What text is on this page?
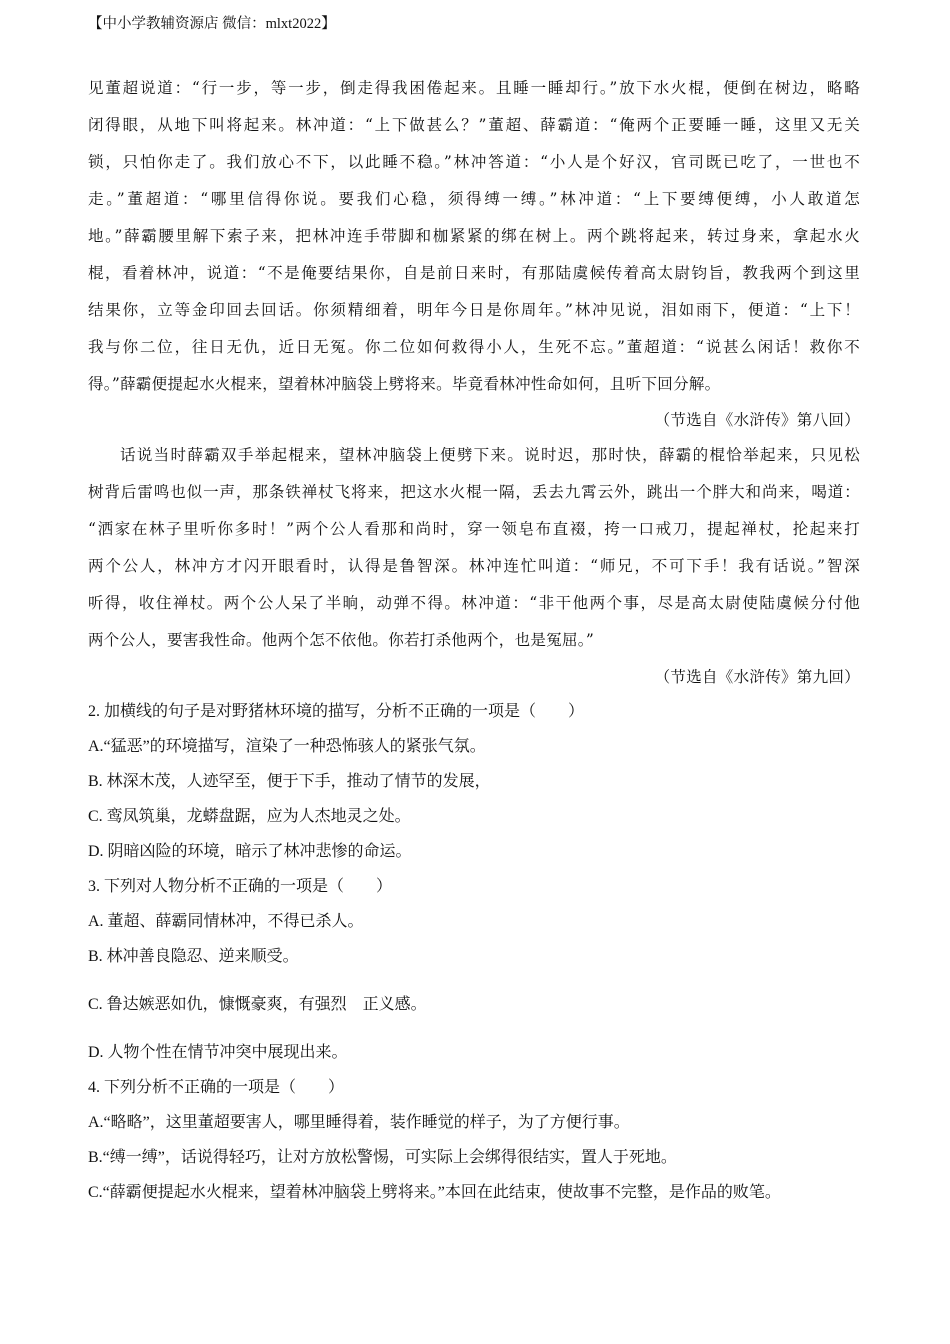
【中小学教辅资源店 微信：mlxt2022】
见董超说道：“行一步，等一步，倒走得我困倦起来。且睡一睡却行。”放下水火棍，便倒在树边，略略
闭得眼，从地下叫将起来。林冲道：“上下做甚么？”董超、薛霸道：“俺两个正要睡一睡，这里又无关
锁，只怕你走了。我们放心不下，以此睡不稳。”林冲答道：“小人是个好汉，官司既已吃了，一世也不
走。”董超道：“哪里信得你说。要我们心稳，须得缚一缚。”林冲道：“上下要缚便缚，小人敢道怎
地。”薛霸腰里解下索子来，把林冲连手带脚和枷紧紧的绑在树上。两个跳将起来，转过身来，拿起水火
棍，看着林冲，说道：“不是俺要结果你，自是前日来时，有那陆虞候传着高太尉钧旨，教我两个到这里
结果你，立等金印回去回话。你须精细着，明年今日是你周年。”林冲见说，泪如雨下，便道：“上下！
我与你二位，往日无仇，近日无冤。你二位如何救得小人，生死不忘。”董超道：“说甚么闲话！救你不
得。”薛霸便提起水火棍来，望着林冲脑袋上劈将来。毕竟看林冲性命如何，且听下回分解。
（节选自《水浒传》第八回）
话说当时薛霸双手举起棍来，望林冲脑袋上便劈下来。说时迟，那时快，薛霸的棍恰举起来，只见松
树背后雷鸣也似一声，那条铁禅杖飞将来，把这水火棍一隔，丢去九霄云外，跳出一个胖大和尚来，喝道：
“洒家在林子里听你多时！”两个公人看那和尚时，穿一领皂布直裰，挎一口戒刀，提起禅杖，抡起来打
两个公人，林冲方才闪开眼看时，认得是鲁智深。林冲连忙叫道：“师兄，不可下手！我有话说。”智深
听得，收住禅杖。两个公人呆了半晌，动弹不得。林冲道：“非干他两个事，尽是高太尉使陆虞候分付他
两个公人，要害我性命。他两个怎不依他。你若打杀他两个，也是冤屈。”
（节选自《水浒传》第九回）
2. 加横线的句子是对野猪林环境的描写，分析不正确的一项是（　　）
A.“猛恶”的环境描写，渲染了一种恐怖骇人的紧张气氛。
B. 林深木茂，人迹罕至，便于下手，推动了情节的发展，
C. 鸾凤筑巢，龙蟒盘踞，应为人杰地灵之处。
D. 阴暗凶险的环境，暗示了林冲悲惨的命运。
3. 下列对人物分析不正确的一项是（　　）
A. 董超、薛霸同情林冲，不得已杀人。
B. 林冲善良隐忍、逆来顺受。
C. 鲁达嫉恶如仇，慷慨豪爽，有强烈　正义感。
D. 人物个性在情节冲突中展现出来。
4. 下列分析不正确的一项是（　　）
A.“略略”，这里董超要害人，哪里睡得着，装作睡觉的样子，为了方便行事。
B.“缚一缚”，话说得轻巧，让对方放松警惕，可实际上会绑得很结实，置人于死地。
C.“薛霸便提起水火棍来，望着林冲脑袋上劈将来。”本回在此结束，使故事不完整，是作品的败笔。
